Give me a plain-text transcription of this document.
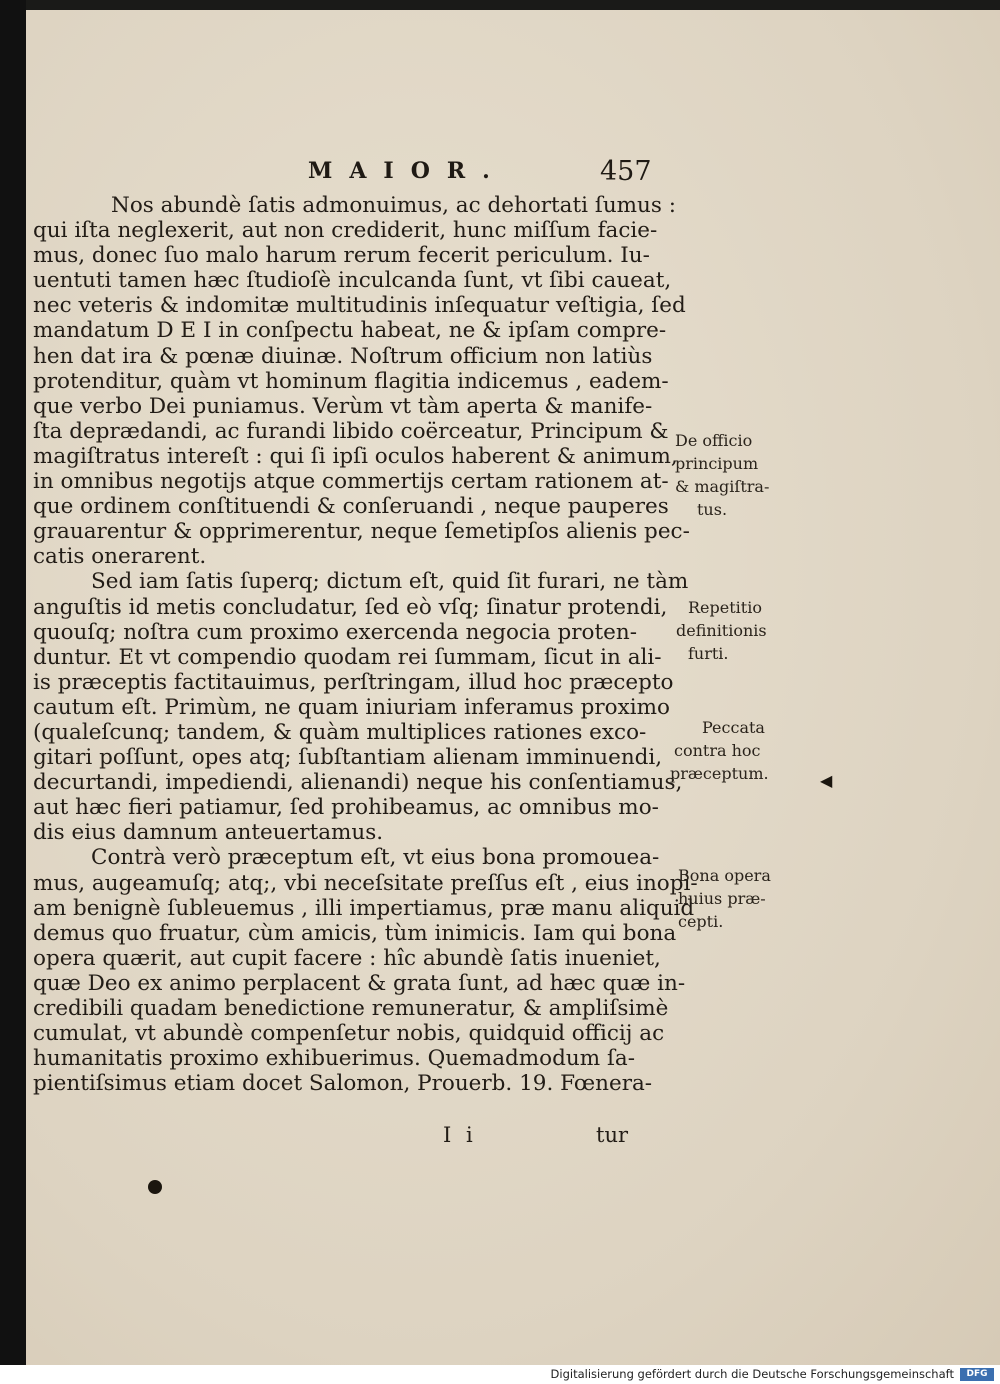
MAIOR.	457
Nos abundè ſatis admonuimus, ac dehortati ſumus :
qui iſta neglexerit, aut non crediderit, hunc miſſum facie-
mus, donec ſuo malo harum rerum fecerit periculum. Iu-
uentuti tamen hæc ſtudioſè inculcanda ſunt, vt ſibi caueat,
nec veteris & indomitæ multitudinis inſequatur veſtigia, ſed
mandatum D E I in conſpectu habeat, ne & ipſam compre-
hen dat ira & pœnæ diuinæ. Noſtrum officium non latiùs
protenditur, quàm vt hominum flagitia indicemus , eadem-
que verbo Dei puniamus. Verùm vt tàm aperta & manife-
ſta deprædandi, ac furandi libido coërceatur, Principum &
magiſtratus intereſt : qui ſi ipſi oculos haberent & animum,
in omnibus negotijs atque commertijs certam rationem at-
que ordinem conſtituendi & conſeruandi , neque pauperes
grauarentur & opprimerentur, neque ſemetipſos alienis pec-
catis onerarent.
Sed iam ſatis ſuperq; dictum eſt, quid ſit furari, ne tàm
anguſtis id metis concludatur, ſed eò vſq; ſinatur protendi,
quouſq; noſtra cum proximo exercenda negocia proten-
duntur. Et vt compendio quodam rei ſummam, ſicut in ali-
is præceptis factitauimus, perſtringam, illud hoc præcepto
cautum eſt. Primùm, ne quam iniuriam inferamus proximo
(qualeſcunq; tandem, & quàm multiplices rationes exco-
gitari poſſunt, opes atq; ſubſtantiam alienam imminuendi,
decurtandi, impediendi, alienandi) neque his conſentiamus,
aut hæc fieri patiamur, ſed prohibeamus, ac omnibus mo-
dis eius damnum anteuertamus.
Contrà verò præceptum eſt, vt eius bona promoueа-
mus, augeamuſq; atq;, vbi neceſsitate preſſus eſt , eius inopi-
am benignè ſubleuemus , illi impertiamus, præ manu aliquid
demus quo fruatur, cùm amicis, tùm inimicis. Iam qui bona
opera quærit, aut cupit facere : hîc abundè ſatis inueniet,
quæ Deo ex animo perplacent & grata ſunt, ad hæc quæ in-
credibili quadam benedictione remuneratur, & ampliſsimè
cumulat, vt abundè compenſetur nobis, quidquid officij ac
humanitatis proximo exhibuerimus. Quemadmodum ſa-
pientiſsimus etiam docet Salomon, Prouerb. 19. Fœnera-
De officio
principum
& magiſtra-
tus.
Repetitio
definitionis
furti.
Peccata
contra hoc
præceptum.
Bona opera
huius præ-
cepti.
I i	tur
◀
Digitalisierung gefördert durch die Deutsche Forschungsgemeinschaft	DFG
